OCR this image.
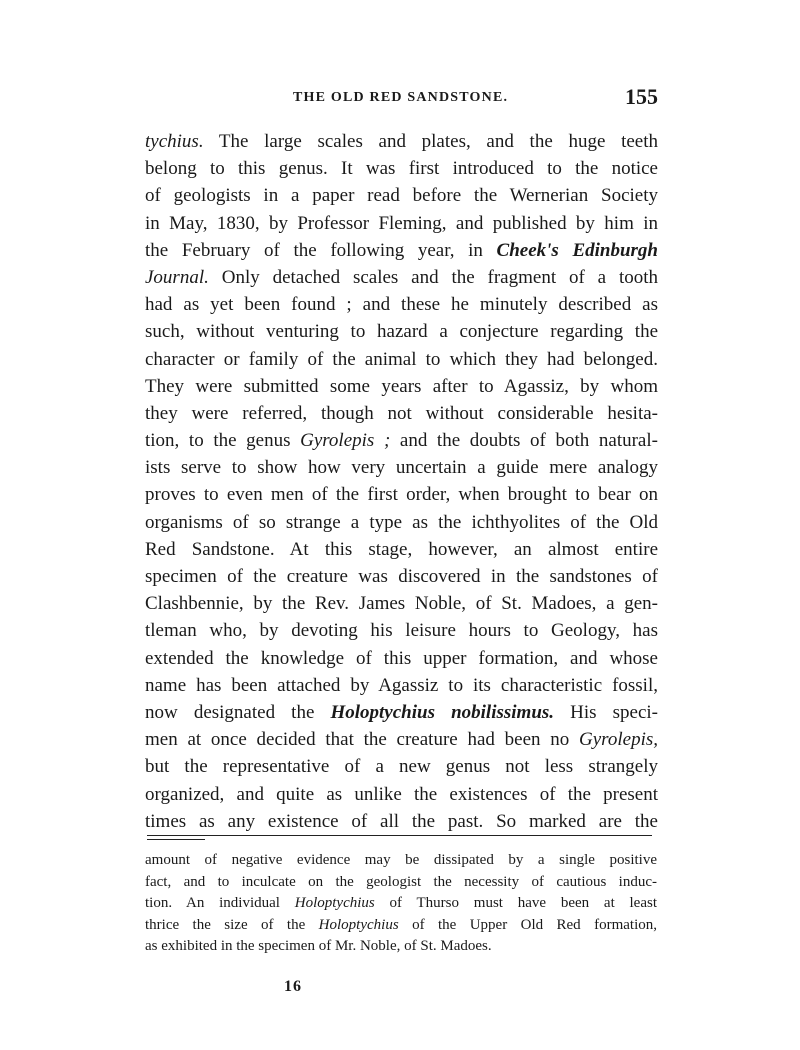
THE OLD RED SANDSTONE.	155
tychius. The large scales and plates, and the huge teeth
belong to this genus. It was first introduced to the notice
of geologists in a paper read before the Wernerian Society
in May, 1830, by Professor Fleming, and published by him in
the February of the following year, in Cheek's Edinburgh
Journal. Only detached scales and the fragment of a tooth
had as yet been found ; and these he minutely described as
such, without venturing to hazard a conjecture regarding the
character or family of the animal to which they had belonged.
They were submitted some years after to Agassiz, by whom
they were referred, though not without considerable hesita-
tion, to the genus Gyrolepis ; and the doubts of both natural-
ists serve to show how very uncertain a guide mere analogy
proves to even men of the first order, when brought to bear on
organisms of so strange a type as the ichthyolites of the Old
Red Sandstone. At this stage, however, an almost entire
specimen of the creature was discovered in the sandstones of
Clashbennie, by the Rev. James Noble, of St. Madoes, a gen-
tleman who, by devoting his leisure hours to Geology, has
extended the knowledge of this upper formation, and whose
name has been attached by Agassiz to its characteristic fossil,
now designated the Holoptychius nobilissimus. His speci-
men at once decided that the creature had been no Gyrolepis,
but the representative of a new genus not less strangely
organized, and quite as unlike the existences of the present
times as any existence of all the past. So marked are the
amount of negative evidence may be dissipated by a single positive
fact, and to inculcate on the geologist the necessity of cautious induc-
tion. An individual Holoptychius of Thurso must have been at least
thrice the size of the Holoptychius of the Upper Old Red formation,
as exhibited in the specimen of Mr. Noble, of St. Madoes.
16
